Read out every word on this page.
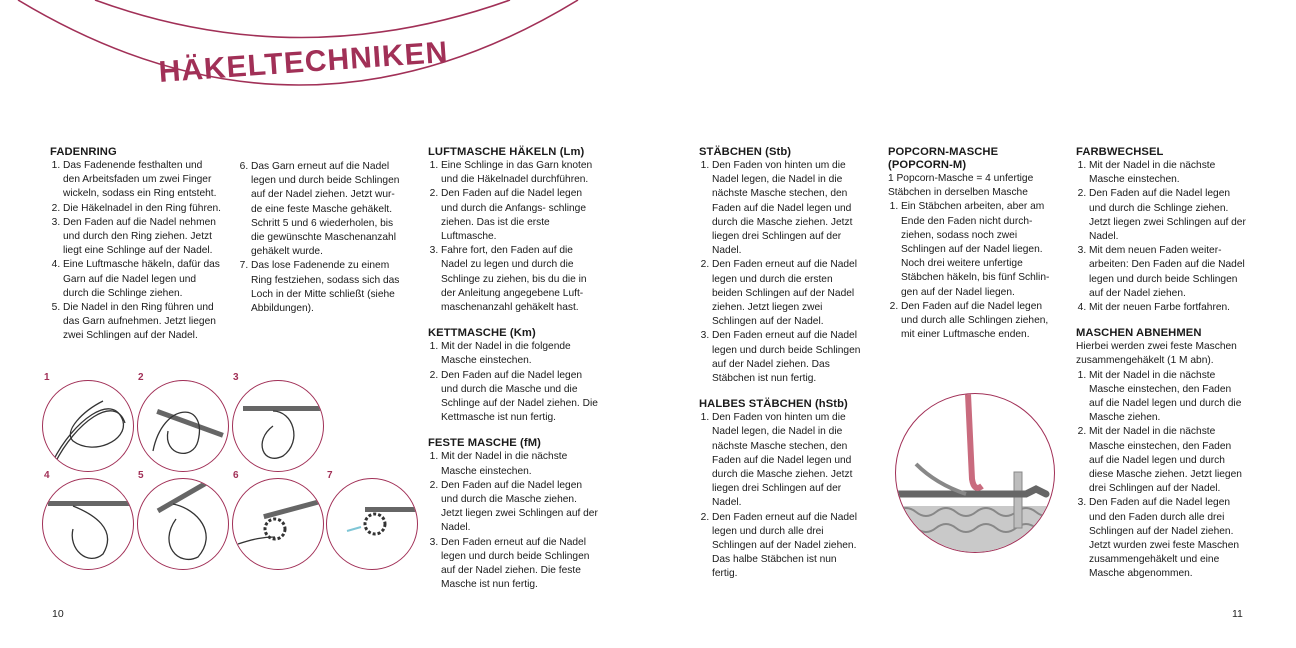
HÄKELTECHNIKEN
FADENRING
1. Das Fadenende festhalten und den Arbeitsfaden um zwei Finger wickeln, sodass ein Ring entsteht.
2. Die Häkelnadel in den Ring führen.
3. Den Faden auf die Nadel nehmen und durch den Ring ziehen. Jetzt liegt eine Schlinge auf der Nadel.
4. Eine Luftmasche häkeln, dafür das Garn auf die Nadel legen und durch die Schlinge ziehen.
5. Die Nadel in den Ring führen und das Garn aufnehmen. Jetzt liegen zwei Schlingen auf der Nadel.
6. Das Garn erneut auf die Nadel legen und durch beide Schlingen auf der Nadel ziehen. Jetzt wur- de eine feste Masche gehäkelt. Schritt 5 und 6 wiederholen, bis die gewünschte Maschenanzahl gehäkelt wurde.
7. Das lose Fadenende zu einem Ring festziehen, sodass sich das Loch in der Mitte schließt (siehe Abbildungen).
1	2	3
4	5	6	7
LUFTMASCHE HÄKELN (Lm)
1. Eine Schlinge in das Garn knoten und die Häkelnadel durchführen.
2. Den Faden auf die Nadel legen und durch die Anfangs- schlinge ziehen. Das ist die erste Luftmasche.
3. Fahre fort, den Faden auf die Nadel zu legen und durch die Schlinge zu ziehen, bis du die in der Anleitung angegebene Luft- maschenanzahl gehäkelt hast.
KETTMASCHE (Km)
1. Mit der Nadel in die folgende Masche einstechen.
2. Den Faden auf die Nadel legen und durch die Masche und die Schlinge auf der Nadel ziehen. Die Kettmasche ist nun fertig.
FESTE MASCHE (fM)
1. Mit der Nadel in die nächste Masche einstechen.
2. Den Faden auf die Nadel legen und durch die Masche ziehen. Jetzt liegen zwei Schlingen auf der Nadel.
3. Den Faden erneut auf die Nadel legen und durch beide Schlingen auf der Nadel ziehen. Die feste Masche ist nun fertig.
10
STÄBCHEN (Stb)
1. Den Faden von hinten um die Nadel legen, die Nadel in die nächste Masche stechen, den Faden auf die Nadel legen und durch die Masche ziehen. Jetzt liegen drei Schlingen auf der Nadel.
2. Den Faden erneut auf die Nadel legen und durch die ersten beiden Schlingen auf der Nadel ziehen. Jetzt liegen zwei Schlingen auf der Nadel.
3. Den Faden erneut auf die Nadel legen und durch beide Schlingen auf der Nadel ziehen. Das Stäbchen ist nun fertig.
HALBES STÄBCHEN (hStb)
1. Den Faden von hinten um die Nadel legen, die Nadel in die nächste Masche stechen, den Faden auf die Nadel legen und durch die Masche ziehen. Jetzt liegen drei Schlingen auf der Nadel.
2. Den Faden erneut auf die Nadel legen und durch alle drei Schlingen auf der Nadel ziehen. Das halbe Stäbchen ist nun fertig.
POPCORN-MASCHE
(POPCORN-M)

1 Popcorn-Masche = 4 unfertige Stäbchen in derselben Masche

1. Ein Stäbchen arbeiten, aber am Ende den Faden nicht durch- ziehen, sodass noch zwei Schlingen auf der Nadel liegen. Noch drei weitere unfertige Stäbchen häkeln, bis fünf Schlin- gen auf der Nadel liegen.
2. Den Faden auf die Nadel legen und durch alle Schlingen ziehen, mit einer Luftmasche enden.
FARBWECHSEL
1. Mit der Nadel in die nächste Masche einstechen.
2. Den Faden auf die Nadel legen und durch die Schlinge ziehen. Jetzt liegen zwei Schlingen auf der Nadel.
3. Mit dem neuen Faden weiter- arbeiten: Den Faden auf die Nadel legen und durch beide Schlingen auf der Nadel ziehen.
4. Mit der neuen Farbe fortfahren.
MASCHEN ABNEHMEN

Hierbei werden zwei feste Maschen zusammengehäkelt (1 M abn).

1. Mit der Nadel in die nächste Masche einstechen, den Faden auf die Nadel legen und durch die Masche ziehen.
2. Mit der Nadel in die nächste Masche einstechen, den Faden auf die Nadel legen und durch diese Masche ziehen. Jetzt liegen drei Schlingen auf der Nadel.
3. Den Faden auf die Nadel legen und den Faden durch alle drei Schlingen auf der Nadel ziehen. Jetzt wurden zwei feste Maschen zusammengehäkelt und eine Masche abgenommen.
11
